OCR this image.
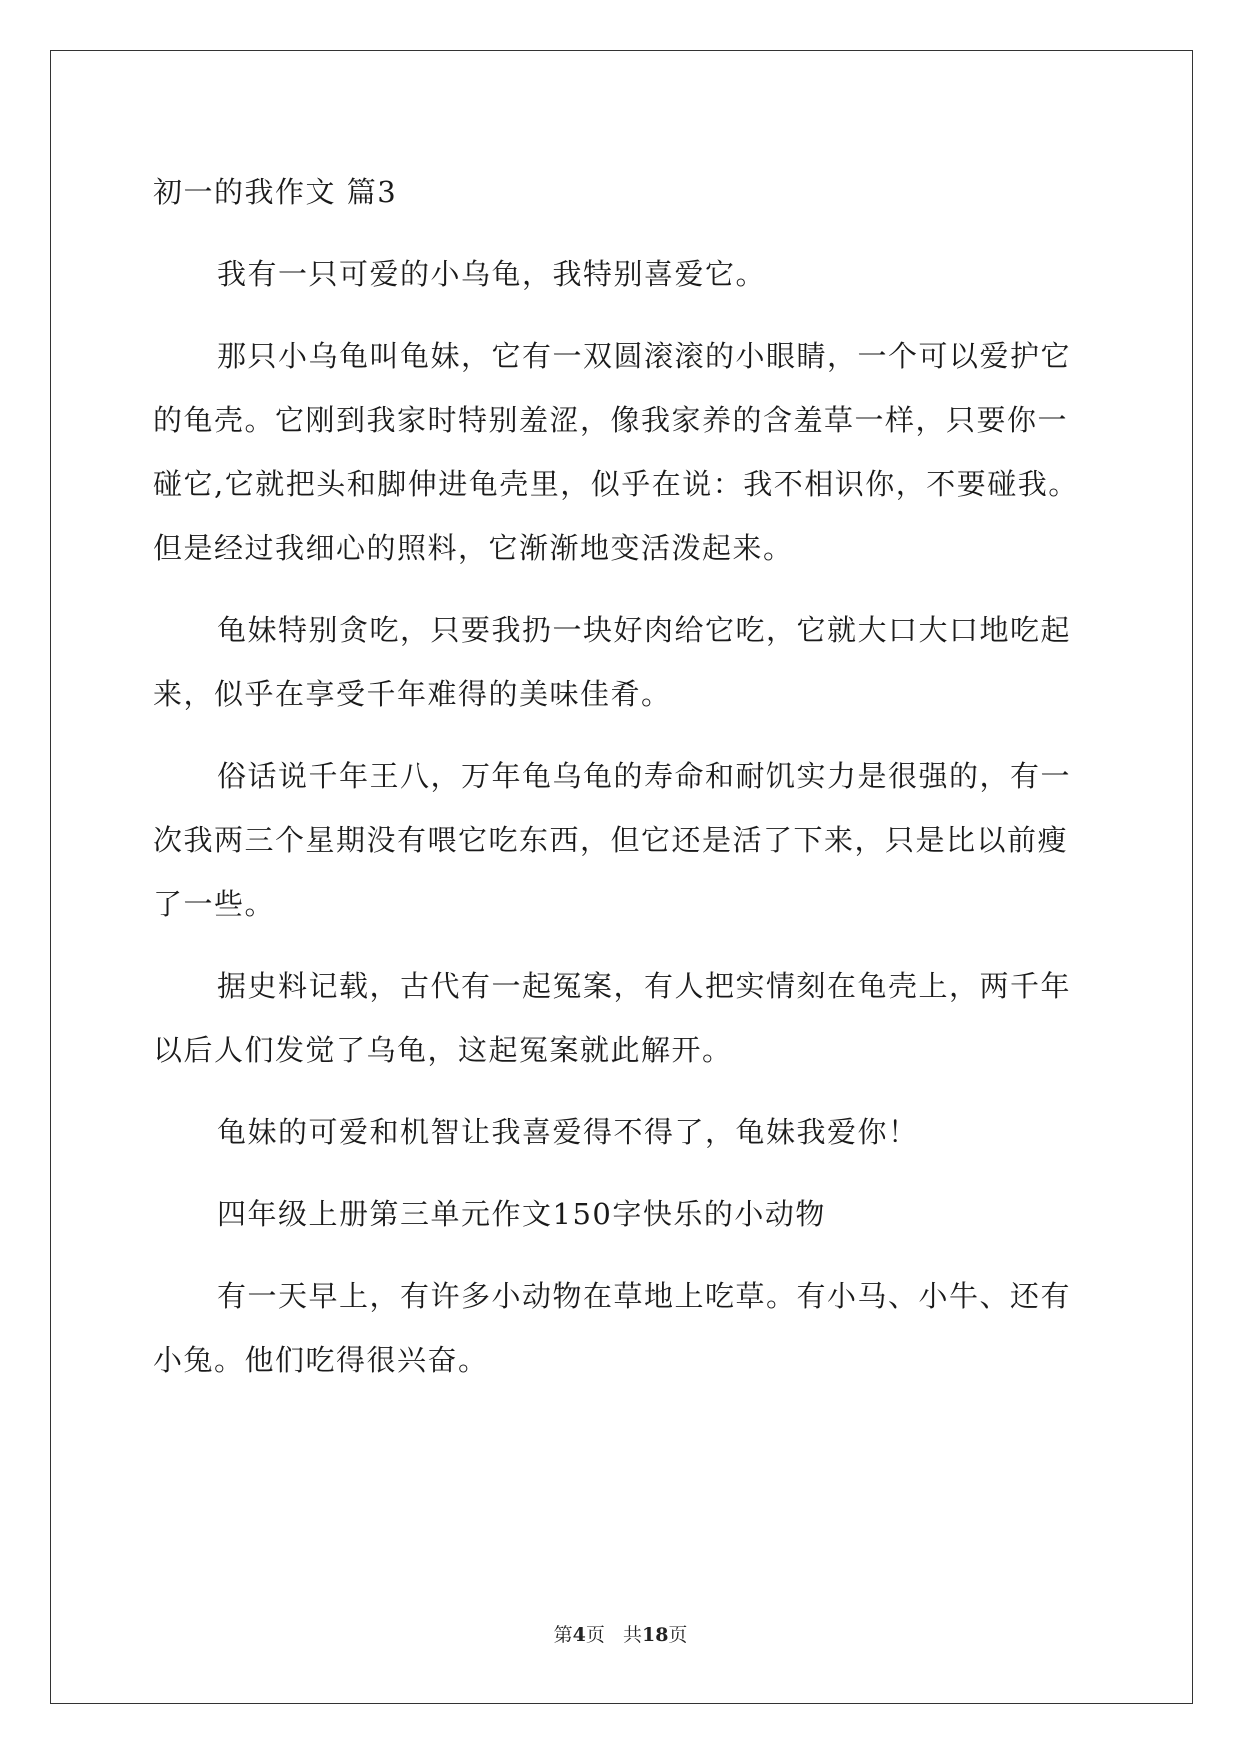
初一的我作文 篇3
我有一只可爱的小乌龟，我特别喜爱它。
那只小乌龟叫龟妹，它有一双圆滚滚的小眼睛，一个可以爱护它
的龟壳。它刚到我家时特别羞涩，像我家养的含羞草一样，只要你一
碰它,它就把头和脚伸进龟壳里，似乎在说：我不相识你，不要碰我。
但是经过我细心的照料，它渐渐地变活泼起来。
龟妹特别贪吃，只要我扔一块好肉给它吃，它就大口大口地吃起
来，似乎在享受千年难得的美味佳肴。
俗话说千年王八，万年龟乌龟的寿命和耐饥实力是很强的，有一
次我两三个星期没有喂它吃东西，但它还是活了下来，只是比以前瘦
了一些。
据史料记载，古代有一起冤案，有人把实情刻在龟壳上，两千年
以后人们发觉了乌龟，这起冤案就此解开。
龟妹的可爱和机智让我喜爱得不得了，龟妹我爱你！
四年级上册第三单元作文150字快乐的小动物
有一天早上，有许多小动物在草地上吃草。有小马、小牛、还有
小兔。他们吃得很兴奋。
第4页 共18页
